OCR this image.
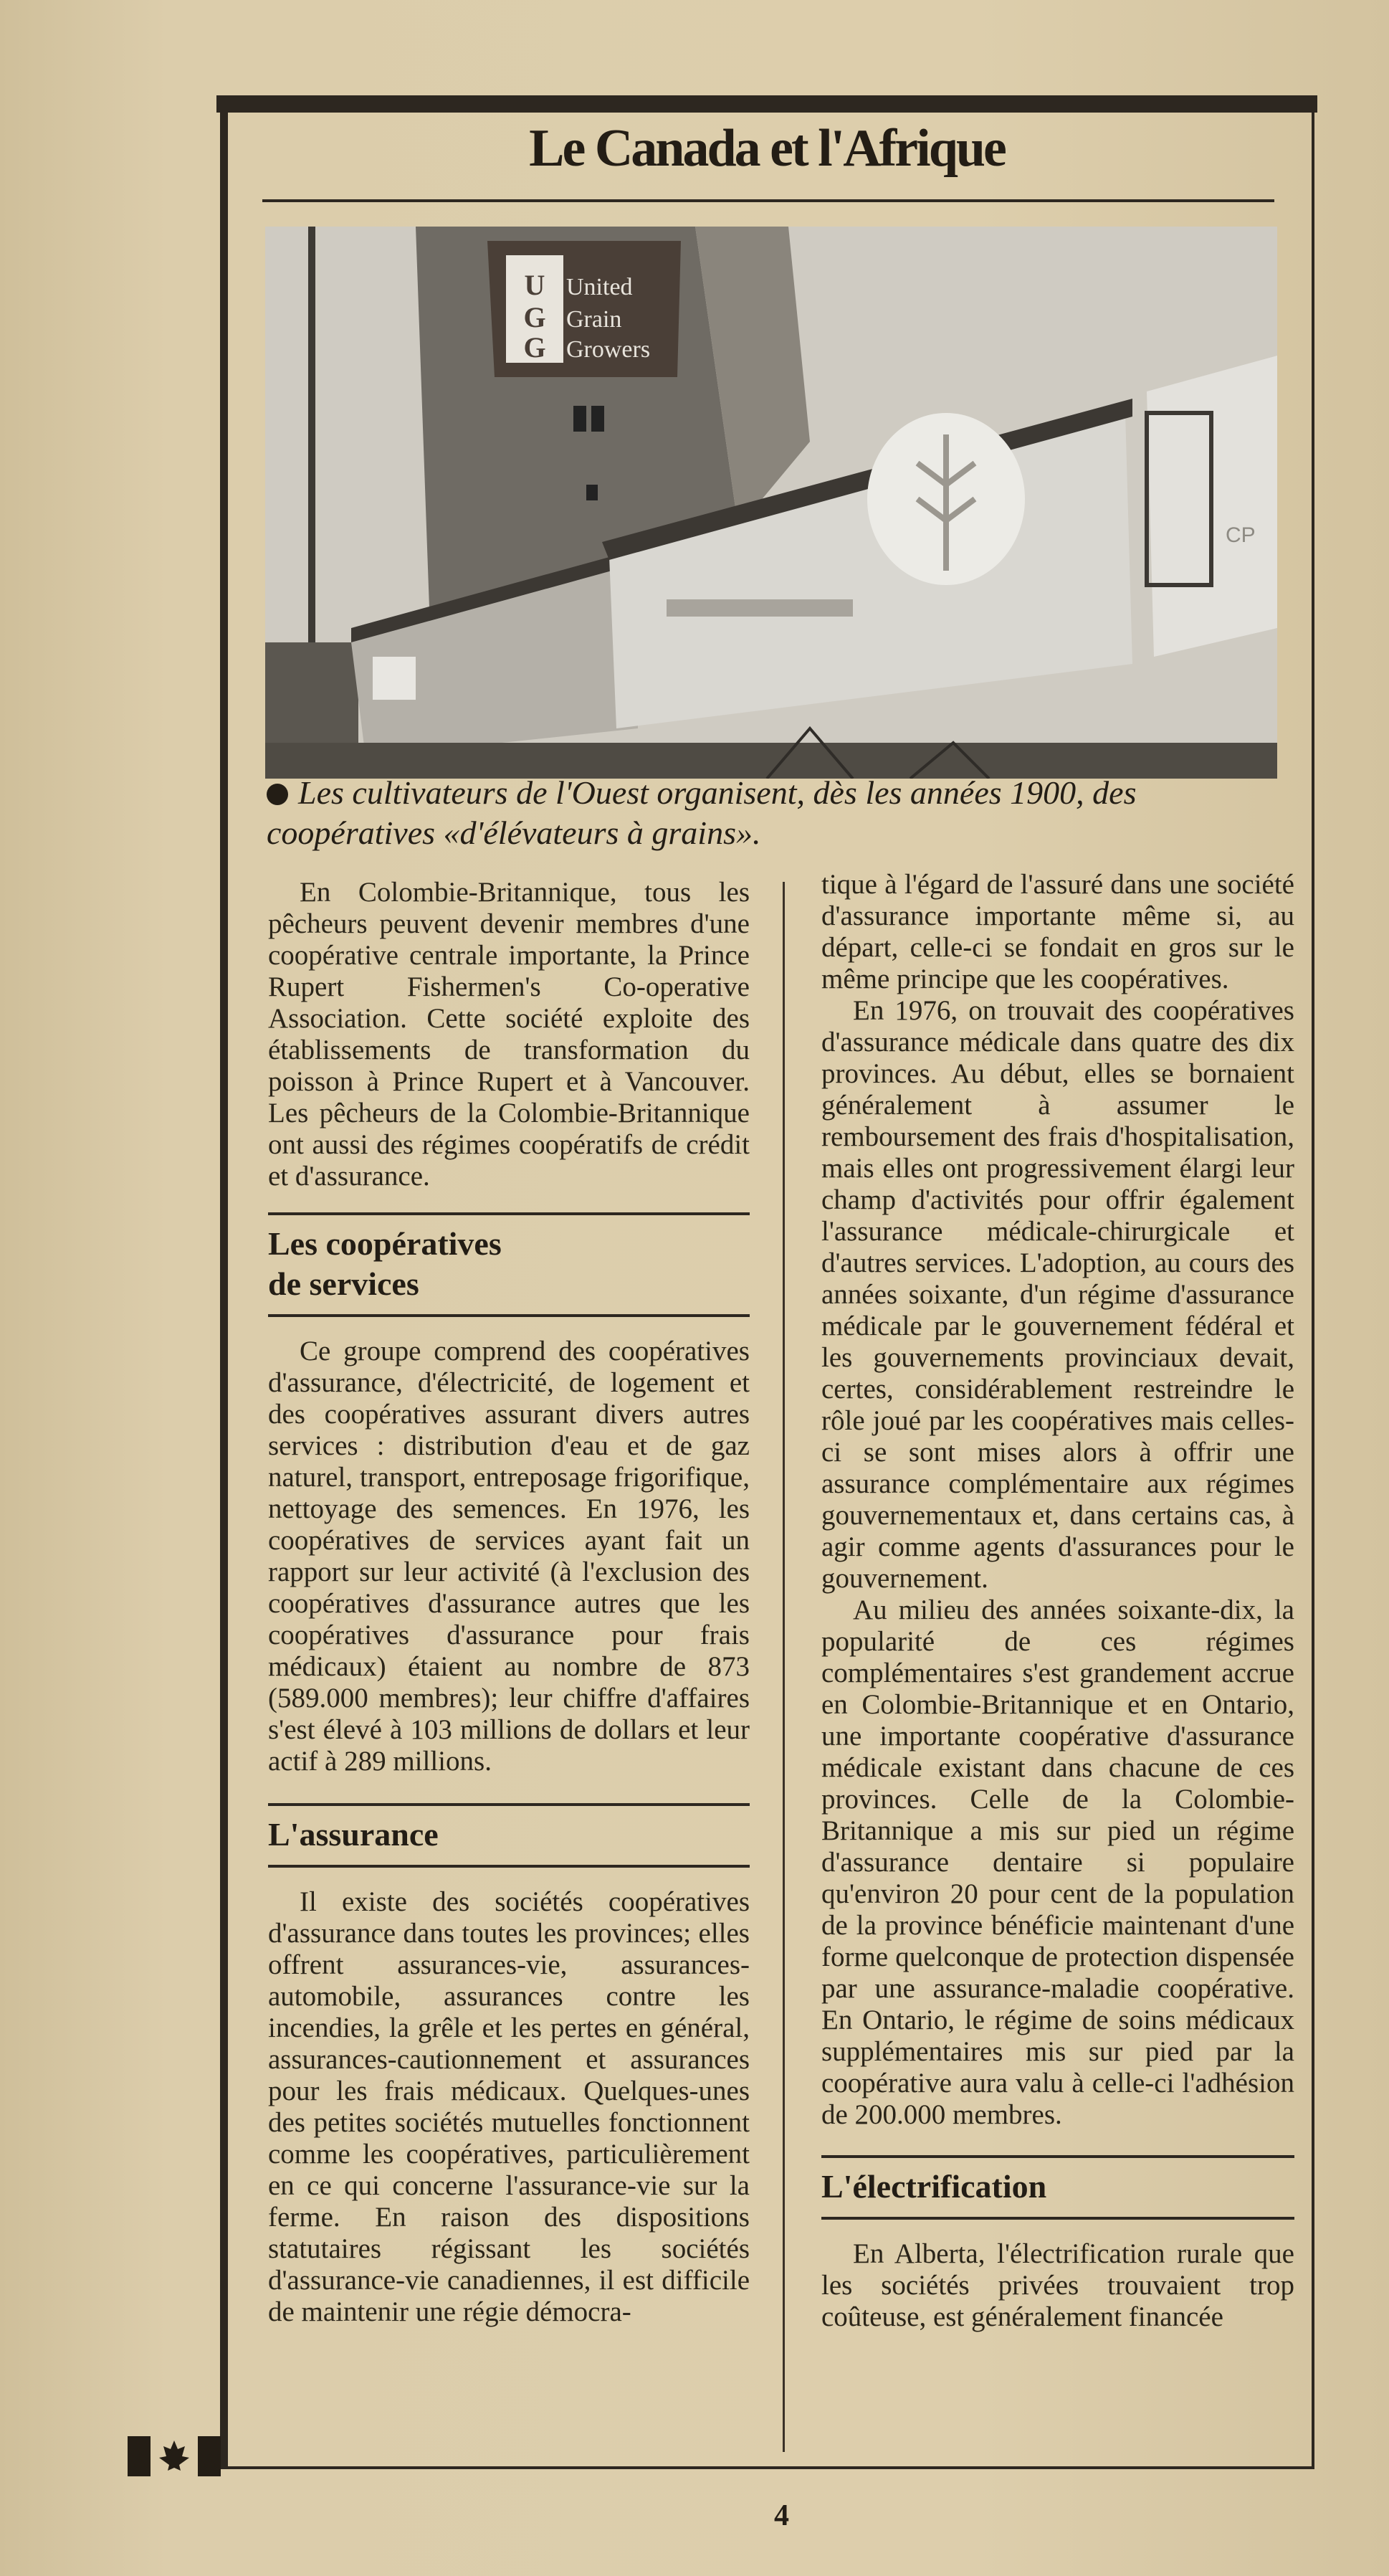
Le Canada et l'Afrique
U
G
G
United
Grain
Growers
CP
Les cultivateurs de l'Ouest organisent, dès les années 1900, des coopératives «d'élévateurs à grains».

En Colombie-Britannique, tous les pêcheurs peuvent devenir membres d'une coopérative centrale importante, la Prince Rupert Fishermen's Co-operative Association. Cette société exploite des établissements de transformation du poisson à Prince Rupert et à Vancouver. Les pêcheurs de la Colombie-Britannique ont aussi des régimes coopératifs de crédit et d'assurance.

Les coopératives
de services

Ce groupe comprend des coopératives d'assurance, d'électricité, de logement et des coopératives assurant divers autres services : distribution d'eau et de gaz naturel, transport, entreposage frigorifique, nettoyage des semences. En 1976, les coopératives de services ayant fait un rapport sur leur activité (à l'exclusion des coopératives d'assurance autres que les coopératives d'assurance pour frais médicaux) étaient au nombre de 873 (589.000 membres); leur chiffre d'affaires s'est élevé à 103 millions de dollars et leur actif à 289 millions.

L'assurance

Il existe des sociétés coopératives d'assurance dans toutes les provinces; elles offrent assurances-vie, assurances-automobile, assurances contre les incendies, la grêle et les pertes en général, assurances-cautionnement et assurances pour les frais médicaux. Quelques-unes des petites sociétés mutuelles fonctionnent comme les coopératives, particulièrement en ce qui concerne l'assurance-vie sur la ferme. En raison des dispositions statutaires régissant les sociétés d'assurance-vie canadiennes, il est difficile de maintenir une régie démocra-

tique à l'égard de l'assuré dans une société d'assurance importante même si, au départ, celle-ci se fondait en gros sur le même principe que les coopératives.

En 1976, on trouvait des coopératives d'assurance médicale dans quatre des dix provinces. Au début, elles se bornaient généralement à assumer le remboursement des frais d'hospitalisation, mais elles ont progressivement élargi leur champ d'activités pour offrir également l'assurance médicale-chirurgicale et d'autres services. L'adoption, au cours des années soixante, d'un régime d'assurance médicale par le gouvernement fédéral et les gouvernements provinciaux devait, certes, considérablement restreindre le rôle joué par les coopératives mais celles-ci se sont mises alors à offrir une assurance complémentaire aux régimes gouvernementaux et, dans certains cas, à agir comme agents d'assurances pour le gouvernement.

Au milieu des années soixante-dix, la popularité de ces régimes complémentaires s'est grandement accrue en Colombie-Britannique et en Ontario, une importante coopérative d'assurance médicale existant dans chacune de ces provinces. Celle de la Colombie-Britannique a mis sur pied un régime d'assurance dentaire si populaire qu'environ 20 pour cent de la population de la province bénéficie maintenant d'une forme quelconque de protection dispensée par une assurance-maladie coopérative. En Ontario, le régime de soins médicaux supplémentaires mis sur pied par la coopérative aura valu à celle-ci l'adhésion de 200.000 membres.

L'électrification

En Alberta, l'électrification rurale que les sociétés privées trouvaient trop coûteuse, est généralement financée

4
